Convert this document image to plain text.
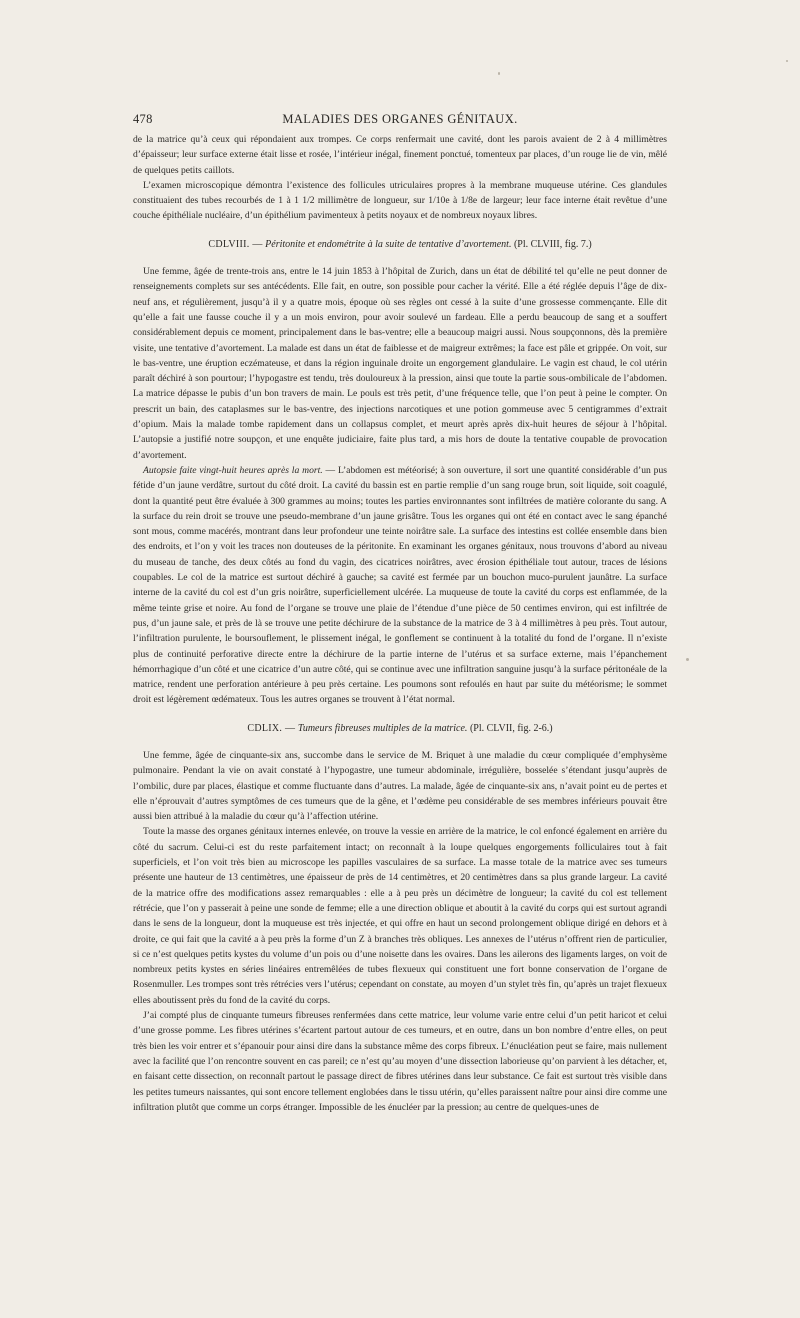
478	MALADIES DES ORGANES GÉNITAUX.

de la matrice qu’à ceux qui répondaient aux trompes. Ce corps renfermait une cavité, dont les parois avaient de 2 à 4 millimètres d’épaisseur; leur surface externe était lisse et rosée, l’intérieur inégal, finement ponctué, tomenteux par places, d’un rouge lie de vin, mêlé de quelques petits caillots.

L’examen microscopique démontra l’existence des follicules utriculaires propres à la membrane muqueuse utérine. Ces glandules constituaient des tubes recourbés de 1 à 1 1/2 millimètre de longueur, sur 1/10e à 1/8e de largeur; leur face interne était revêtue d’une couche épithéliale nucléaire, d’un épithélium pavimenteux à petits noyaux et de nombreux noyaux libres.

CDLVIII. — Péritonite et endométrite à la suite de tentative d’avortement. (Pl. CLVIII, fig. 7.)

Une femme, âgée de trente-trois ans, entre le 14 juin 1853 à l’hôpital de Zurich, dans un état de débilité tel qu’elle ne peut donner de renseignements complets sur ses antécédents. Elle fait, en outre, son possible pour cacher la vérité. Elle a été réglée depuis l’âge de dix-neuf ans, et régulièrement, jusqu’à il y a quatre mois, époque où ses règles ont cessé à la suite d’une grossesse commençante. Elle dit qu’elle a fait une fausse couche il y a un mois environ, pour avoir soulevé un fardeau. Elle a perdu beaucoup de sang et a souffert considérablement depuis ce moment, principalement dans le bas-ventre; elle a beaucoup maigri aussi. Nous soupçonnons, dès la première visite, une tentative d’avortement. La malade est dans un état de faiblesse et de maigreur extrêmes; la face est pâle et grippée. On voit, sur le bas-ventre, une éruption eczémateuse, et dans la région inguinale droite un engorgement glandulaire. Le vagin est chaud, le col utérin paraît déchiré à son pourtour; l’hypogastre est tendu, très douloureux à la pression, ainsi que toute la partie sous-ombilicale de l’abdomen. La matrice dépasse le pubis d’un bon travers de main. Le pouls est très petit, d’une fréquence telle, que l’on peut à peine le compter. On prescrit un bain, des cataplasmes sur le bas-ventre, des injections narcotiques et une potion gommeuse avec 5 centigrammes d’extrait d’opium. Mais la malade tombe rapidement dans un collapsus complet, et meurt après après dix-huit heures de séjour à l’hôpital. L’autopsie a justifié notre soupçon, et une enquête judiciaire, faite plus tard, a mis hors de doute la tentative coupable de provocation d’avortement.

Autopsie faite vingt-huit heures après la mort. — L’abdomen est météorisé; à son ouverture, il sort une quantité considérable d’un pus fétide d’un jaune verdâtre, surtout du côté droit. La cavité du bassin est en partie remplie d’un sang rouge brun, soit liquide, soit coagulé, dont la quantité peut être évaluée à 300 grammes au moins; toutes les parties environnantes sont infiltrées de matière colorante du sang. A la surface du rein droit se trouve une pseudo-membrane d’un jaune grisâtre. Tous les organes qui ont été en contact avec le sang épanché sont mous, comme macérés, montrant dans leur profondeur une teinte noirâtre sale. La surface des intestins est collée ensemble dans bien des endroits, et l’on y voit les traces non douteuses de la péritonite. En examinant les organes génitaux, nous trouvons d’abord au niveau du museau de tanche, des deux côtés au fond du vagin, des cicatrices noirâtres, avec érosion épithéliale tout autour, traces de lésions coupables. Le col de la matrice est surtout déchiré à gauche; sa cavité est fermée par un bouchon muco-purulent jaunâtre. La surface interne de la cavité du col est d’un gris noirâtre, superficiellement ulcérée. La muqueuse de toute la cavité du corps est enflammée, de la même teinte grise et noire. Au fond de l’organe se trouve une plaie de l’étendue d’une pièce de 50 centimes environ, qui est infiltrée de pus, d’un jaune sale, et près de là se trouve une petite déchirure de la substance de la matrice de 3 à 4 millimètres à peu près. Tout autour, l’infiltration purulente, le boursouflement, le plissement inégal, le gonflement se continuent à la totalité du fond de l’organe. Il n’existe plus de continuité perforative directe entre la déchirure de la partie interne de l’utérus et sa surface externe, mais l’épanchement hémorrhagique d’un côté et une cicatrice d’un autre côté, qui se continue avec une infiltration sanguine jusqu’à la surface péritonéale de la matrice, rendent une perforation antérieure à peu près certaine. Les poumons sont refoulés en haut par suite du météorisme; le sommet droit est légèrement œdémateux. Tous les autres organes se trouvent à l’état normal.

CDLIX. — Tumeurs fibreuses multiples de la matrice. (Pl. CLVII, fig. 2-6.)

Une femme, âgée de cinquante-six ans, succombe dans le service de M. Briquet à une maladie du cœur compliquée d’emphysème pulmonaire. Pendant la vie on avait constaté à l’hypogastre, une tumeur abdominale, irrégulière, bosselée s’étendant jusqu’auprès de l’ombilic, dure par places, élastique et comme fluctuante dans d’autres. La malade, âgée de cinquante-six ans, n’avait point eu de pertes et elle n’éprouvait d’autres symptômes de ces tumeurs que de la gêne, et l’œdème peu considérable de ses membres inférieurs pouvait être aussi bien attribué à la maladie du cœur qu’à l’affection utérine.

Toute la masse des organes génitaux internes enlevée, on trouve la vessie en arrière de la matrice, le col enfoncé également en arrière du côté du sacrum. Celui-ci est du reste parfaitement intact; on reconnaît à la loupe quelques engorgements folliculaires tout à fait superficiels, et l’on voit très bien au microscope les papilles vasculaires de sa surface. La masse totale de la matrice avec ses tumeurs présente une hauteur de 13 centimètres, une épaisseur de près de 14 centimètres, et 20 centimètres dans sa plus grande largeur. La cavité de la matrice offre des modifications assez remarquables : elle a à peu près un décimètre de longueur; la cavité du col est tellement rétrécie, que l’on y passerait à peine une sonde de femme; elle a une direction oblique et aboutit à la cavité du corps qui est surtout agrandi dans le sens de la longueur, dont la muqueuse est très injectée, et qui offre en haut un second prolongement oblique dirigé en dehors et à droite, ce qui fait que la cavité a à peu près la forme d’un Z à branches très obliques. Les annexes de l’utérus n’offrent rien de particulier, si ce n’est quelques petits kystes du volume d’un pois ou d’une noisette dans les ovaires. Dans les ailerons des ligaments larges, on voit de nombreux petits kystes en séries linéaires entremêlées de tubes flexueux qui constituent une fort bonne conservation de l’organe de Rosenmuller. Les trompes sont très rétrécies vers l’utérus; cependant on constate, au moyen d’un stylet très fin, qu’après un trajet flexueux elles aboutissent près du fond de la cavité du corps.

J’ai compté plus de cinquante tumeurs fibreuses renfermées dans cette matrice, leur volume varie entre celui d’un petit haricot et celui d’une grosse pomme. Les fibres utérines s’écartent partout autour de ces tumeurs, et en outre, dans un bon nombre d’entre elles, on peut très bien les voir entrer et s’épanouir pour ainsi dire dans la substance même des corps fibreux. L’énucléation peut se faire, mais nullement avec la facilité que l’on rencontre souvent en cas pareil; ce n’est qu’au moyen d’une dissection laborieuse qu’on parvient à les détacher, et, en faisant cette dissection, on reconnaît partout le passage direct de fibres utérines dans leur substance. Ce fait est surtout très visible dans les petites tumeurs naissantes, qui sont encore tellement englobées dans le tissu utérin, qu’elles paraissent naître pour ainsi dire comme une infiltration plutôt que comme un corps étranger. Impossible de les énucléer par la pression; au centre de quelques-unes de
